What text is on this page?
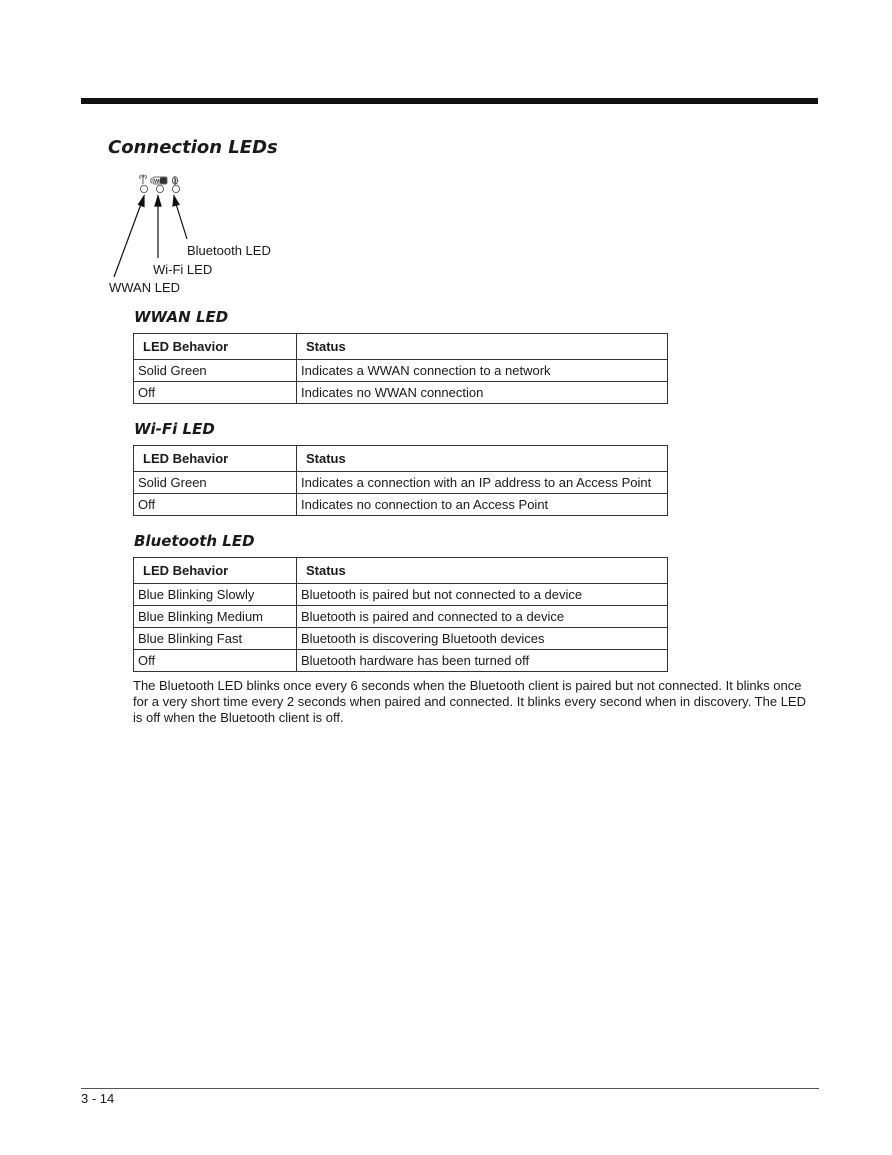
Connection LEDs
Wi Fi
Bluetooth LED
Wi-Fi LED
WWAN LED
WWAN LED
LED Behavior	Status
Solid Green	Indicates a WWAN connection to a network
Off	Indicates no WWAN connection
Wi-Fi LED
LED Behavior	Status
Solid Green	Indicates a connection with an IP address to an Access Point
Off	Indicates no connection to an Access Point
Bluetooth LED
LED Behavior	Status
Blue Blinking Slowly	Bluetooth is paired but not connected to a device
Blue Blinking Medium	Bluetooth is paired and connected to a device
Blue Blinking Fast	Bluetooth is discovering Bluetooth devices
Off	Bluetooth hardware has been turned off

The Bluetooth LED blinks once every 6 seconds when the Bluetooth client is paired but not connected. It blinks once for a very short time every 2 seconds when paired and connected. It blinks every second when in discovery. The LED is off when the Bluetooth client is off.

3 - 14
